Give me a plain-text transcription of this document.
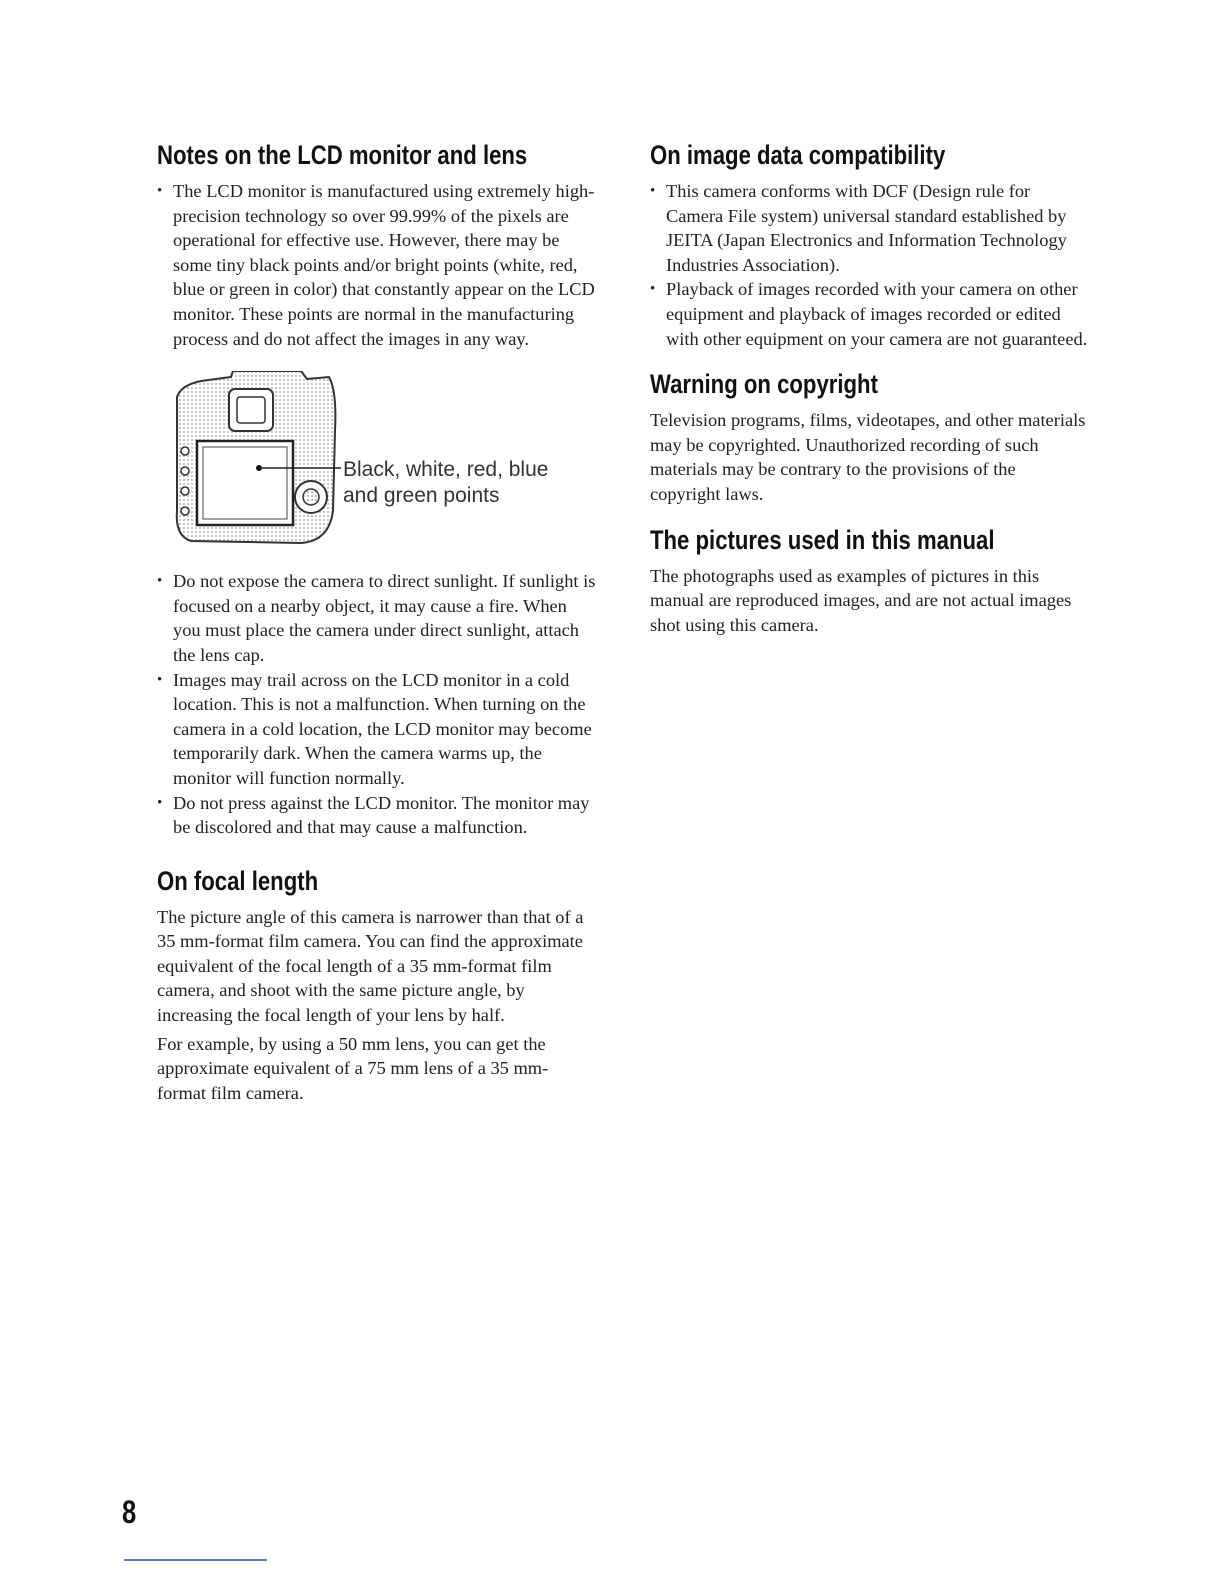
Notes on the LCD monitor and lens
• The LCD monitor is manufactured using extremely high-precision technology so over 99.99% of the pixels are operational for effective use. However, there may be some tiny black points and/or bright points (white, red, blue or green in color) that constantly appear on the LCD monitor. These points are normal in the manufacturing process and do not affect the images in any way.
Black, white, red, blue
and green points
• Do not expose the camera to direct sunlight. If sunlight is focused on a nearby object, it may cause a fire. When you must place the camera under direct sunlight, attach the lens cap.
• Images may trail across on the LCD monitor in a cold location. This is not a malfunction. When turning on the camera in a cold location, the LCD monitor may become temporarily dark. When the camera warms up, the monitor will function normally.
• Do not press against the LCD monitor. The monitor may be discolored and that may cause a malfunction.
On focal length

The picture angle of this camera is narrower than that of a 35 mm-format film camera. You can find the approximate equivalent of the focal length of a 35 mm-format film camera, and shoot with the same picture angle, by increasing the focal length of your lens by half.

For example, by using a 50 mm lens, you can get the approximate equivalent of a 75 mm lens of a 35 mm-format film camera.

On image data compatibility
• This camera conforms with DCF (Design rule for Camera File system) universal standard established by JEITA (Japan Electronics and Information Technology Industries Association).
• Playback of images recorded with your camera on other equipment and playback of images recorded or edited with other equipment on your camera are not guaranteed.
Warning on copyright

Television programs, films, videotapes, and other materials may be copyrighted. Unauthorized recording of such materials may be contrary to the provisions of the copyright laws.

The pictures used in this manual

The photographs used as examples of pictures in this manual are reproduced images, and are not actual images shot using this camera.

8
